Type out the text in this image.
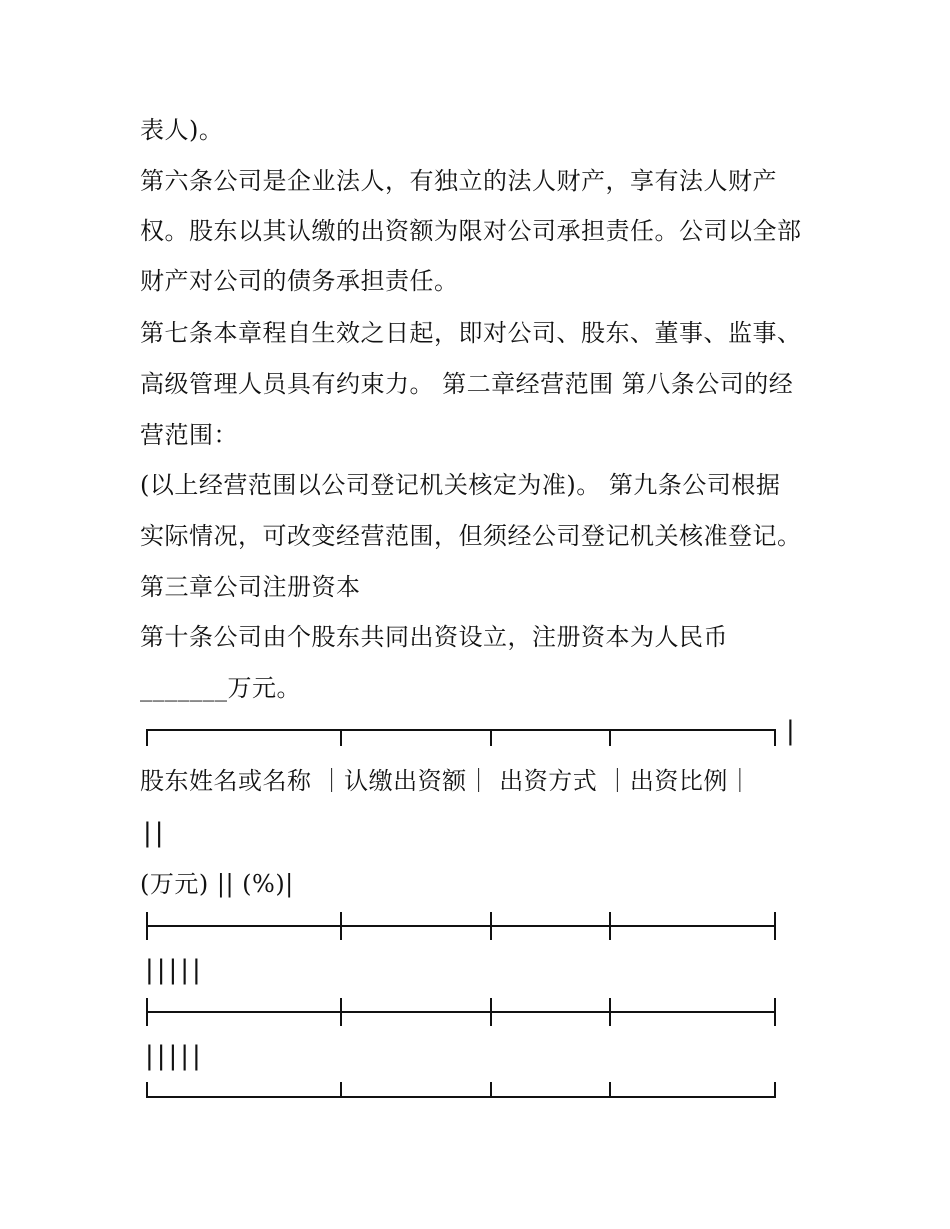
表人)。
第六条公司是企业法人，有独立的法人财产，享有法人财产
权。股东以其认缴的出资额为限对公司承担责任。公司以全部
财产对公司的债务承担责任。
第七条本章程自生效之日起，即对公司、股东、董事、监事、
高级管理人员具有约束力。 第二章经营范围 第八条公司的经
营范围：
(以上经营范围以公司登记机关核定为准)。 第九条公司根据
实际情况，可改变经营范围，但须经公司登记机关核准登记。
第三章公司注册资本
第十条公司由个股东共同出资设立，注册资本为人民币
_______万元。
|
股东姓名或名称 ｜认缴出资额｜ 出资方式 ｜出资比例｜
||
(万元) || (%)|
|||||
|||||
